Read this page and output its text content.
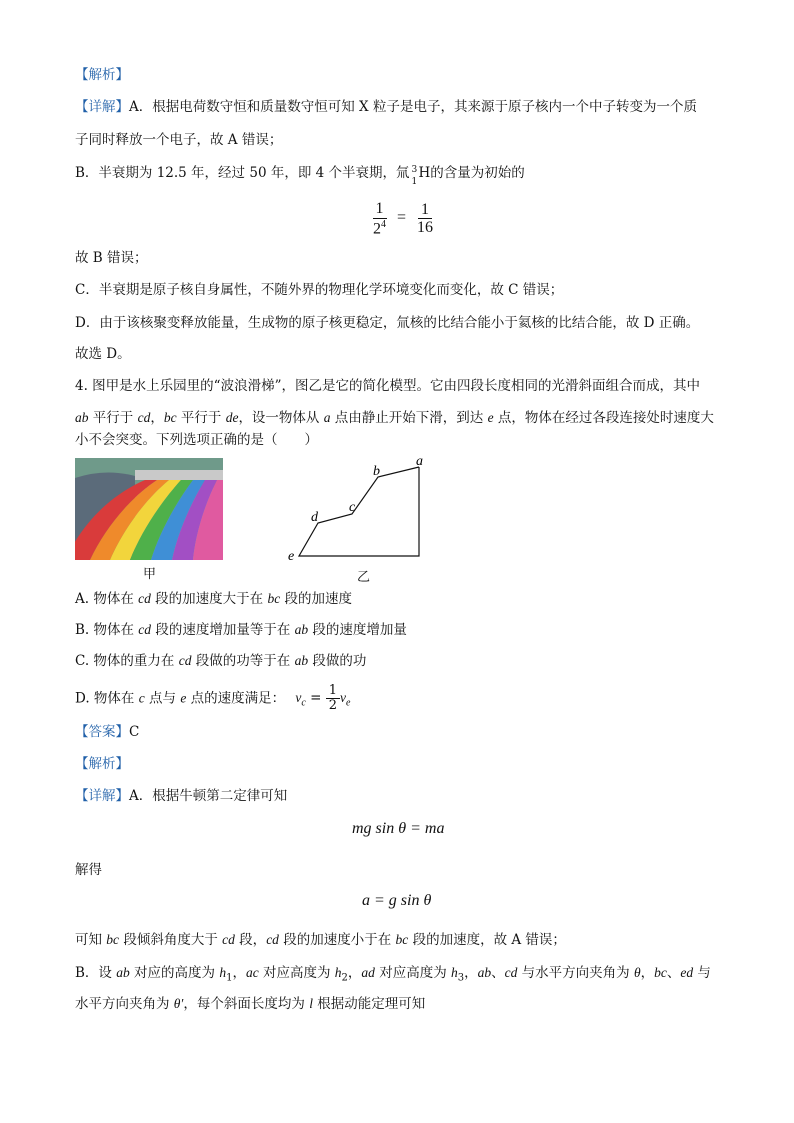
【解析】
【详解】A．根据电荷数守恒和质量数守恒可知 X 粒子是电子，其来源于原子核内一个中子转变为一个质
子同时释放一个电子，故 A 错误；
B．半衰期为 12.5 年，经过 50 年，即 4 个半衰期，氚 3
1
H的含量为初始的
$\frac{1}{2^4} = \frac{1}{16}$
故 B 错误；
C．半衰期是原子核自身属性，不随外界的物理化学环境变化而变化，故 C 错误；
D．由于该核聚变释放能量，生成物的原子核更稳定，氚核的比结合能小于氦核的比结合能，故 D 正确。
故选 D。
4. 图甲是水上乐园里的“波浪滑梯”，图乙是它的简化模型。它由四段长度相同的光滑斜面组合而成，其中
ab 平行于 cd，bc 平行于 de，设一物体从 a 点由静止开始下滑，到达 e 点，物体在经过各段连接处时速度大
小不会突变。下列选项正确的是（　　）
甲
a
b
c
d
e
乙
A. 物体在 cd 段的加速度大于在 bc 段的加速度
B. 物体在 cd 段的速度增加量等于在 ab 段的速度增加量
C. 物体的重力在 cd 段做的功等于在 ab 段做的功
D. 物体在 c 点与 e 点的速度满足： $v_c = \frac{1}{2} v_e$
【答案】C
【解析】
【详解】A．根据牛顿第二定律可知
mg sin θ = ma
解得
a = g sin θ
可知 bc 段倾斜角度大于 cd 段，cd 段的加速度小于在 bc 段的加速度，故 A 错误；
B．设 ab 对应的高度为 $h_1$，ac 对应高度为 $h_2$，ad 对应高度为 $h_3$，ab、cd 与水平方向夹角为 θ，bc、ed 与
水平方向夹角为 θ′，每个斜面长度均为 l 根据动能定理可知
